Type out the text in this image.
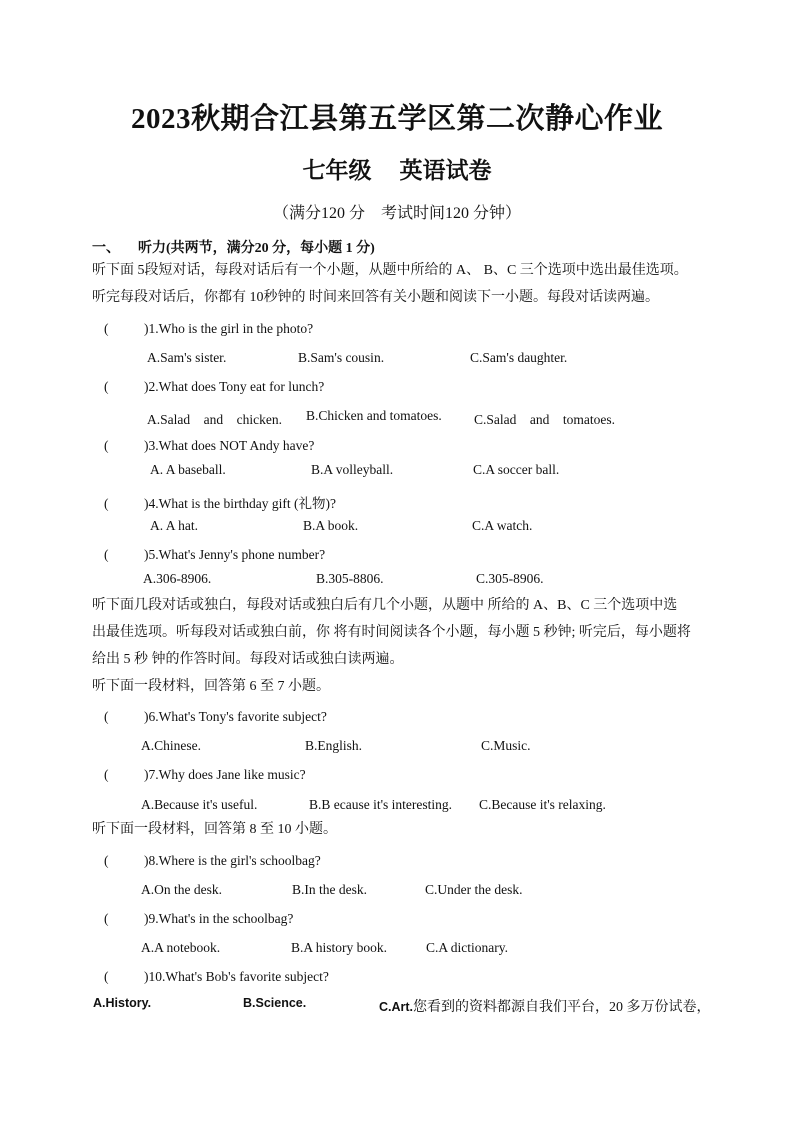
2023秋期合江县第五学区第二次静心作业
七年级 英语试卷
（满分120 分　考试时间120 分钟）
一、 听力(共两节，满分20 分，每小题 1 分)
听下面 5段短对话，每段对话后有一个小题，从题中所给的 A、 B、C 三个选项中选出最佳选项。
听完每段对话后，你都有 10秒钟的 时间来回答有关小题和阅读下一小题。每段对话读两遍。
(	)1.Who is the girl in the photo?
A.Sam's sister.	B.Sam's cousin.	C.Sam's daughter.
(	)2.What does Tony eat for lunch?
A.Salad　and　chicken. B.Chicken and tomatoes. C.Salad　and　tomatoes.
(	)3.What does NOT Andy have?
A. A baseball.	B.A volleyball.	C.A soccer ball.
(	)4.What is the birthday gift (礼物)?
A. A hat.	B.A book.	C.A watch.
(	)5.What's Jenny's phone number?
A.306-8906.	B.305-8806.	C.305-8906.
听下面几段对话或独白，每段对话或独白后有几个小题，从题中 所给的 A、B、C 三个选项中选
出最佳选项。听每段对话或独白前，你 将有时间阅读各个小题，每小题 5 秒钟; 听完后，每小题将
给出 5 秒 钟的作答时间。每段对话或独白读两遍。
听下面一段材料，回答第 6 至 7 小题。
(	)6.What's Tony's favorite subject?
A.Chinese.	B.English.	C.Music.
(	)7.Why does Jane like music?
A.Because it's useful.	B.B ecause it's interesting. C.Because it's relaxing.
听下面一段材料，回答第 8 至 10 小题。
(	)8.Where is the girl's schoolbag?
A.On the desk.	B.In the desk.	C.Under the desk.
(	)9.What's in the schoolbag?
A.A notebook.	B.A history book.	C.A dictionary.
(	)10.What's Bob's favorite subject?
A.History.	B.Science.	C.Art.您看到的资料都源自我们平台，20 多万份试卷，
